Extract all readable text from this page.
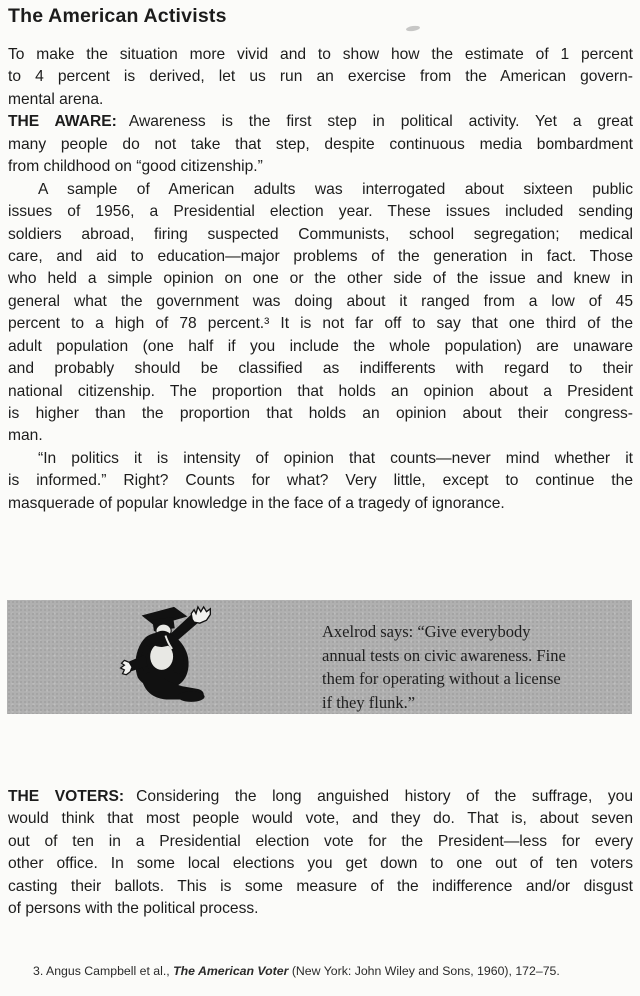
The American Activists

To make the situation more vivid and to show how the estimate of 1 percent
to 4 percent is derived, let us run an exercise from the American govern-
mental arena.

THE AWARE: Awareness is the first step in political activity. Yet a great
many people do not take that step, despite continuous media bombardment
from childhood on “good citizenship.”

A sample of American adults was interrogated about sixteen public
issues of 1956, a Presidential election year. These issues included sending
soldiers abroad, firing suspected Communists, school segregation; medical
care, and aid to education—major problems of the generation in fact. Those
who held a simple opinion on one or the other side of the issue and knew in
general what the government was doing about it ranged from a low of 45
percent to a high of 78 percent.³ It is not far off to say that one third of the
adult population (one half if you include the whole population) are unaware
and probably should be classified as indifferents with regard to their
national citizenship. The proportion that holds an opinion about a President
is higher than the proportion that holds an opinion about their congress-
man.

“In politics it is intensity of opinion that counts—never mind whether it
is informed.” Right? Counts for what? Very little, except to continue the
masquerade of popular knowledge in the face of a tragedy of ignorance.

Axelrod says: “Give everybody
annual tests on civic awareness. Fine
them for operating without a license
if they flunk.”

THE VOTERS: Considering the long anguished history of the suffrage, you
would think that most people would vote, and they do. That is, about seven
out of ten in a Presidential election vote for the President—less for every
other office. In some local elections you get down to one out of ten voters
casting their ballots. This is some measure of the indifference and/or disgust
of persons with the political process.

3. Angus Campbell et al., The American Voter (New York: John Wiley and Sons, 1960), 172–75.
